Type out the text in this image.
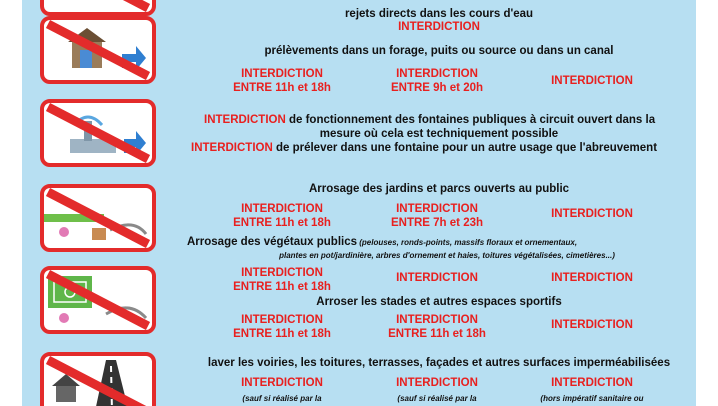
rejets directs dans les cours d'eau
INTERDICTION
prélèvements dans un forage, puits ou source ou dans un canal
INTERDICTION
ENTRE 11h et 18h
INTERDICTION
ENTRE 9h et 20h
INTERDICTION
INTERDICTION de fonctionnement des fontaines publiques à circuit ouvert dans la
mesure où cela est techniquement possible
INTERDICTION de prélever dans une fontaine pour un autre usage que l'abreuvement
Arrosage des jardins et parcs ouverts au public
INTERDICTION
ENTRE 11h et 18h
INTERDICTION
ENTRE 7h et 23h
INTERDICTION
Arrosage des végétaux publics (pelouses, ronds-points, massifs floraux et ornementaux,
plantes en pot/jardinière, arbres d'ornement et haies, toitures végétalisées, cimetières...)
INTERDICTION
ENTRE 11h et 18h
INTERDICTION	INTERDICTION
Arroser les stades et autres espaces sportifs
INTERDICTION
ENTRE 11h et 18h
INTERDICTION
ENTRE 11h et 18h
INTERDICTION
laver les voiries, les toitures, terrasses, façades et autres surfaces imperméabilisées
INTERDICTION
(sauf si réalisé par la
INTERDICTION
(sauf si réalisé par la
INTERDICTION
(hors impératif sanitaire ou
